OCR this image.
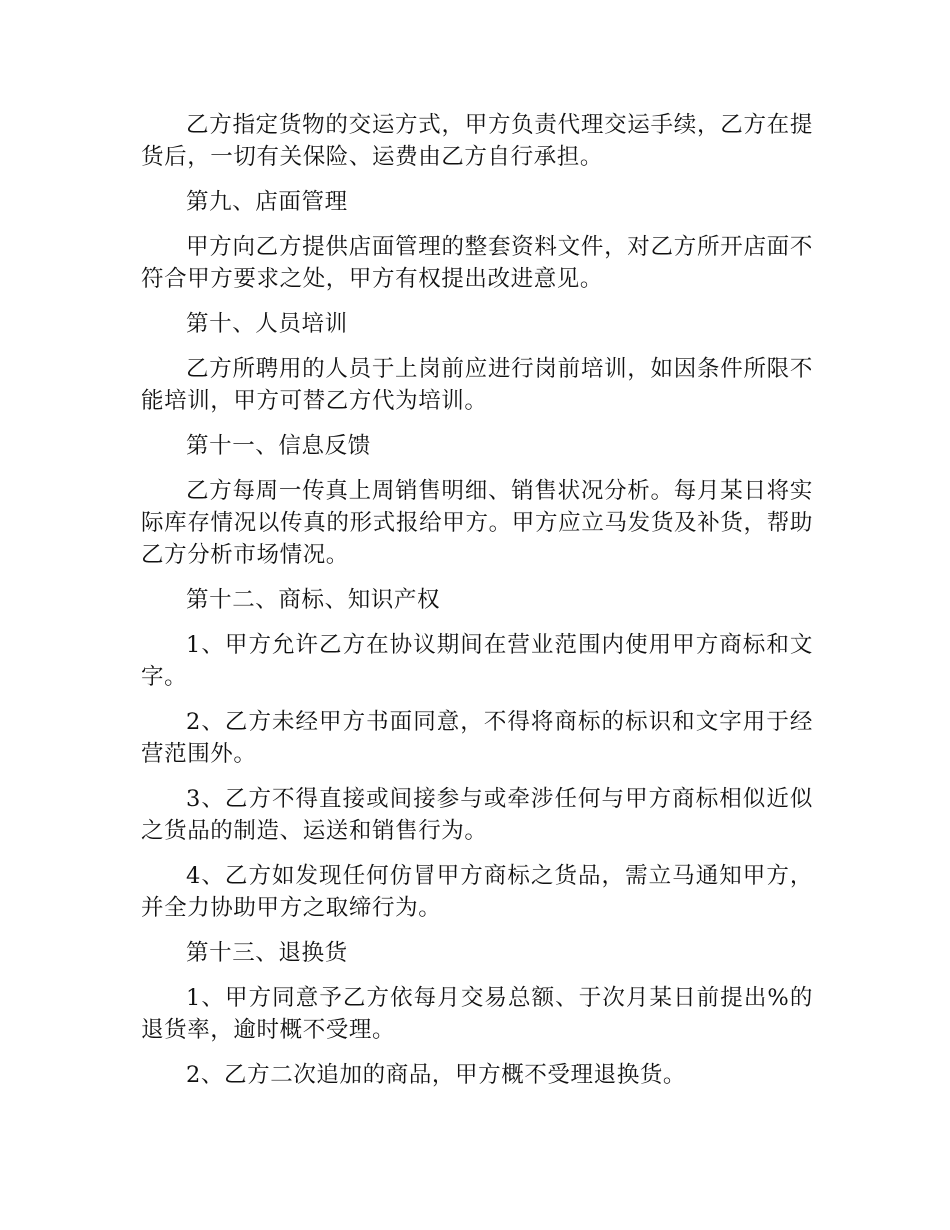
乙方指定货物的交运方式，甲方负责代理交运手续，乙方在提货后，一切有关保险、运费由乙方自行承担。

第九、店面管理

甲方向乙方提供店面管理的整套资料文件，对乙方所开店面不符合甲方要求之处，甲方有权提出改进意见。

第十、人员培训

乙方所聘用的人员于上岗前应进行岗前培训，如因条件所限不能培训，甲方可替乙方代为培训。

第十一、信息反馈

乙方每周一传真上周销售明细、销售状况分析。每月某日将实际库存情况以传真的形式报给甲方。甲方应立马发货及补货，帮助乙方分析市场情况。

第十二、商标、知识产权

1、甲方允许乙方在协议期间在营业范围内使用甲方商标和文字。

2、乙方未经甲方书面同意，不得将商标的标识和文字用于经营范围外。

3、乙方不得直接或间接参与或牵涉任何与甲方商标相似近似之货品的制造、运送和销售行为。

4、乙方如发现任何仿冒甲方商标之货品，需立马通知甲方，并全力协助甲方之取缔行为。

第十三、退换货

1、甲方同意予乙方依每月交易总额、于次月某日前提出%的退货率，逾时概不受理。

2、乙方二次追加的商品，甲方概不受理退换货。
